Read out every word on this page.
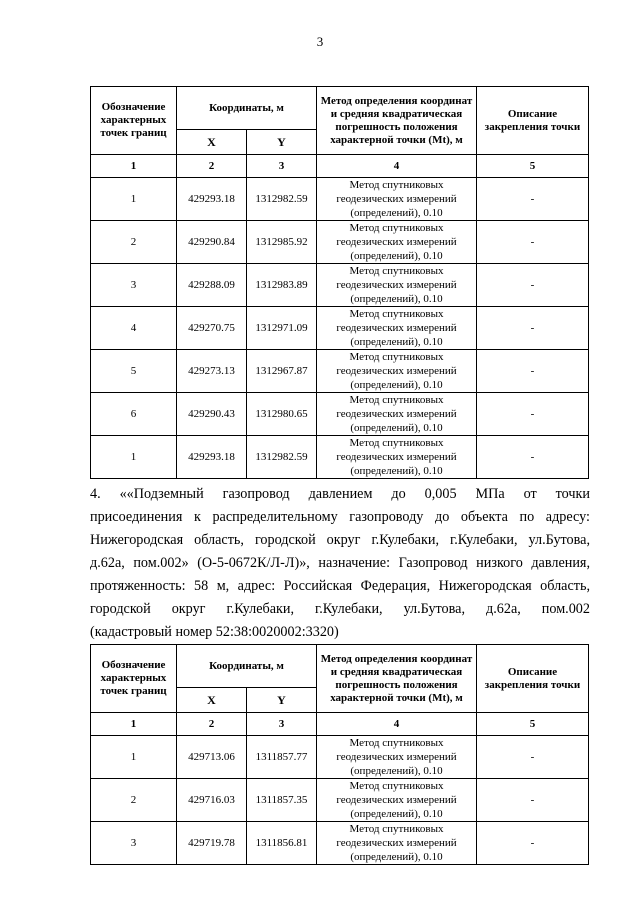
3
Обозначение характерных точек границ	Координаты, м		Метод определения координат и средняя квадратическая погрешность положения характерной точки (Mt), м	Описание закрепления точки
	X	Y		
1	2	3	4	5
1	429293.18	1312982.59	Метод спутниковых геодезических измерений (определений), 0.10	-
2	429290.84	1312985.92	Метод спутниковых геодезических измерений (определений), 0.10	-
3	429288.09	1312983.89	Метод спутниковых геодезических измерений (определений), 0.10	-
4	429270.75	1312971.09	Метод спутниковых геодезических измерений (определений), 0.10	-
5	429273.13	1312967.87	Метод спутниковых геодезических измерений (определений), 0.10	-
6	429290.43	1312980.65	Метод спутниковых геодезических измерений (определений), 0.10	-
1	429293.18	1312982.59	Метод спутниковых геодезических измерений (определений), 0.10	-
4. ««Подземный газопровод давлением до 0,005 МПа от точки
присоединения к распределительному газопроводу до объекта по адресу:
Нижегородская область, городской округ г.Кулебаки, г.Кулебаки, ул.Бутова,
д.62а, пом.002» (О-5-0672К/Л-Л)», назначение: Газопровод низкого давления,
протяженность: 58 м, адрес: Российская Федерация, Нижегородская область,
городской округ г.Кулебаки, г.Кулебаки, ул.Бутова, д.62а, пом.002
(кадастровый номер 52:38:0020002:3320)
Обозначение характерных точек границ	Координаты, м		Метод определения координат и средняя квадратическая погрешность положения характерной точки (Mt), м	Описание закрепления точки
	X	Y		
1	2	3	4	5
1	429713.06	1311857.77	Метод спутниковых геодезических измерений (определений), 0.10	-
2	429716.03	1311857.35	Метод спутниковых геодезических измерений (определений), 0.10	-
3	429719.78	1311856.81	Метод спутниковых геодезических измерений (определений), 0.10	-
